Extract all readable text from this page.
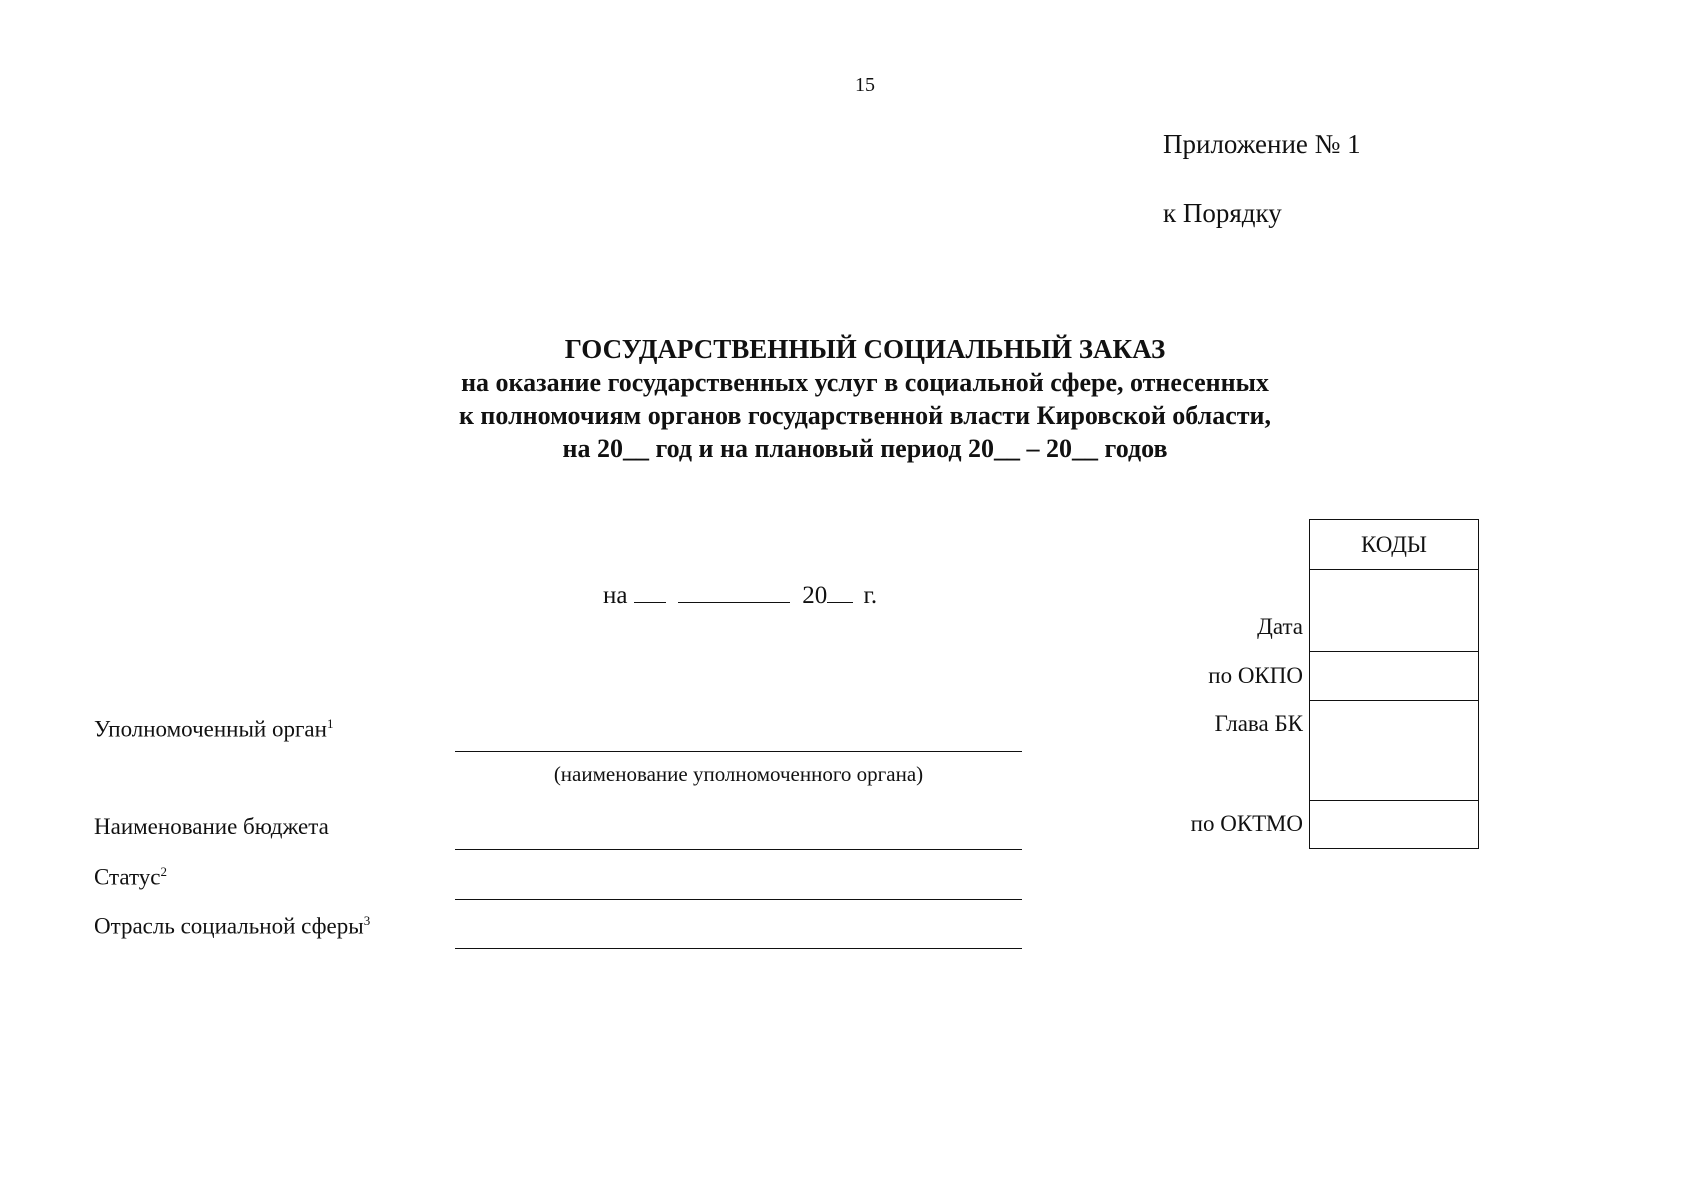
15
Приложение № 1
к Порядку
ГОСУДАРСТВЕННЫЙ СОЦИАЛЬНЫЙ ЗАКАЗ
на оказание государственных услуг в социальной сфере, отнесенных
к полномочиям органов государственной власти Кировской области,
на 20__ год и на плановый период 20__ – 20__ годов
на	20 г.
Уполномоченный орган$^1$
(наименование уполномоченного органа)
Наименование бюджета
Статус$^2$
Отрасль социальной сферы$^3$
Дата
по ОКПО
Глава БК
по ОКТМО
КОДЫ
